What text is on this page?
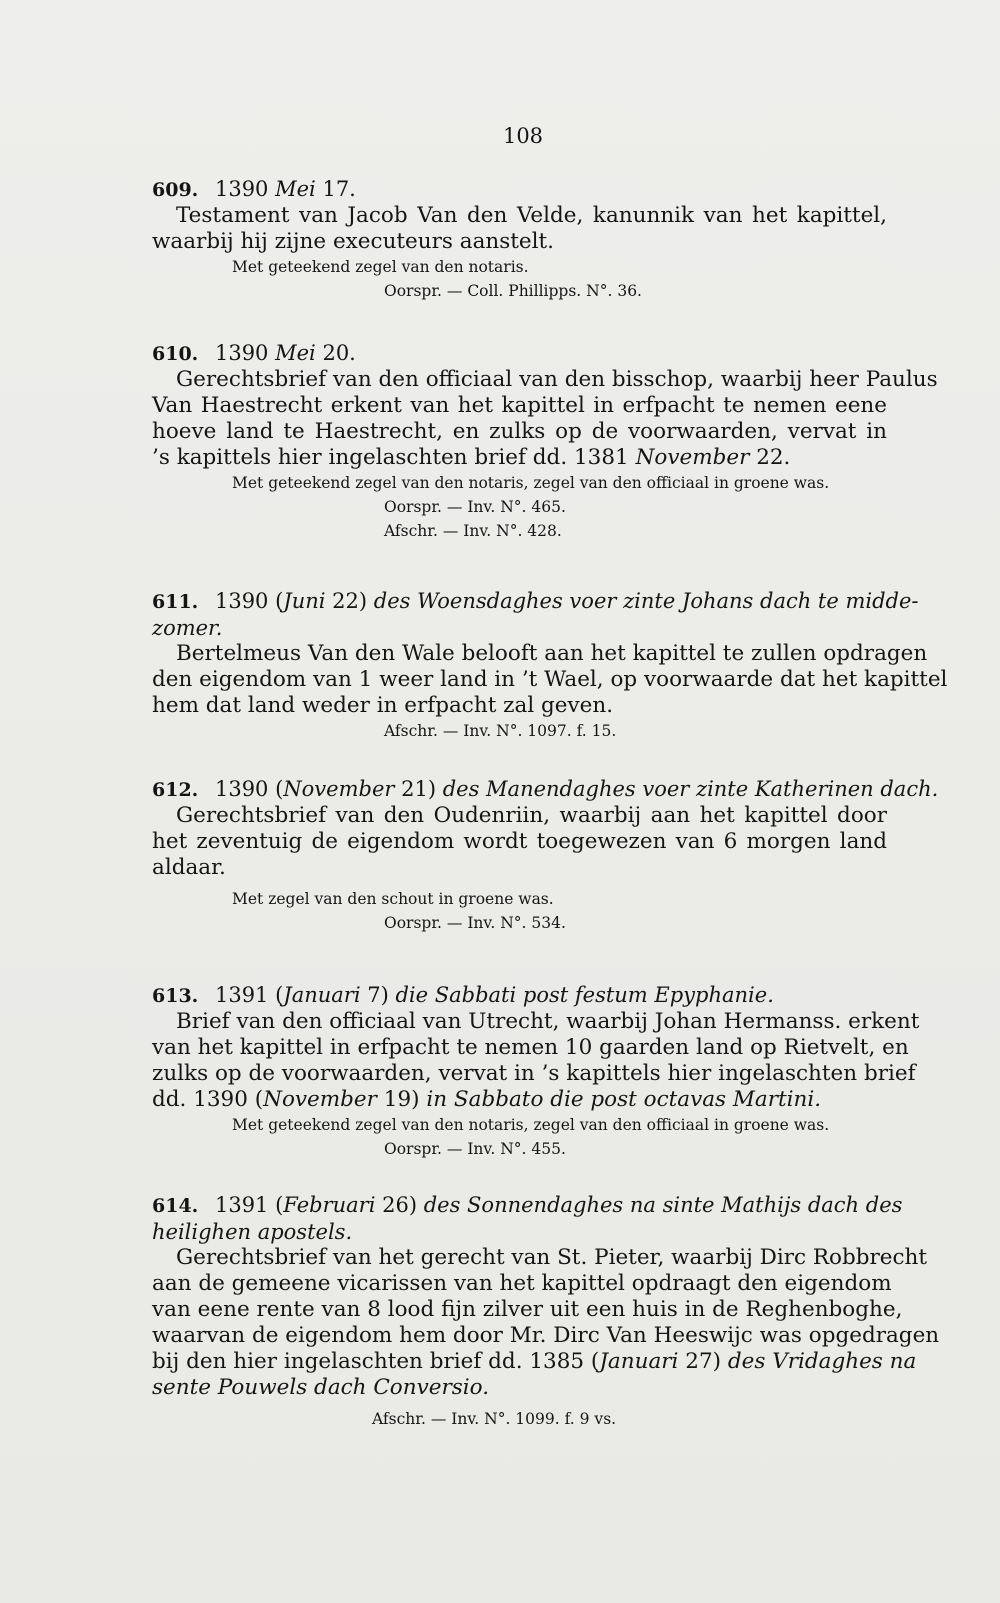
108
609. 1390 Mei 17.
Testament van Jacob Van den Velde, kanunnik van het kapittel,
waarbij hij zijne executeurs aanstelt.
Met geteekend zegel van den notaris.
Oorspr. — Coll. Phillipps. N°. 36.
610. 1390 Mei 20.
Gerechtsbrief van den officiaal van den bisschop, waarbij heer Paulus
Van Haestrecht erkent van het kapittel in erfpacht te nemen eene
hoeve land te Haestrecht, en zulks op de voorwaarden, vervat in
’s kapittels hier ingelaschten brief dd. 1381 November 22.
Met geteekend zegel van den notaris, zegel van den officiaal in groene was.
Oorspr. — Inv. N°. 465.
Afschr. — Inv. N°. 428.
611. 1390 (Juni 22) des Woensdaghes voer zinte Johans dach te midde-
zomer.
Bertelmeus Van den Wale belooft aan het kapittel te zullen opdragen
den eigendom van 1 weer land in ’t Wael, op voorwaarde dat het kapittel
hem dat land weder in erfpacht zal geven.
Afschr. — Inv. N°. 1097. f. 15.
612. 1390 (November 21) des Manendaghes voer zinte Katherinen dach.
Gerechtsbrief van den Oudenriin, waarbij aan het kapittel door
het zeventuig de eigendom wordt toegewezen van 6 morgen land
aldaar.
Met zegel van den schout in groene was.
Oorspr. — Inv. N°. 534.
613. 1391 (Januari 7) die Sabbati post festum Epyphanie.
Brief van den officiaal van Utrecht, waarbij Johan Hermanss. erkent
van het kapittel in erfpacht te nemen 10 gaarden land op Rietvelt, en
zulks op de voorwaarden, vervat in ’s kapittels hier ingelaschten brief
dd. 1390 (November 19) in Sabbato die post octavas Martini.
Met geteekend zegel van den notaris, zegel van den officiaal in groene was.
Oorspr. — Inv. N°. 455.
614. 1391 (Februari 26) des Sonnendaghes na sinte Mathijs dach des
heilighen apostels.
Gerechtsbrief van het gerecht van St. Pieter, waarbij Dirc Robbrecht
aan de gemeene vicarissen van het kapittel opdraagt den eigendom
van eene rente van 8 lood fijn zilver uit een huis in de Reghenboghe,
waarvan de eigendom hem door Mr. Dirc Van Heeswijc was opgedragen
bij den hier ingelaschten brief dd. 1385 (Januari 27) des Vridaghes na
sente Pouwels dach Conversio.
Afschr. — Inv. N°. 1099. f. 9 vs.
